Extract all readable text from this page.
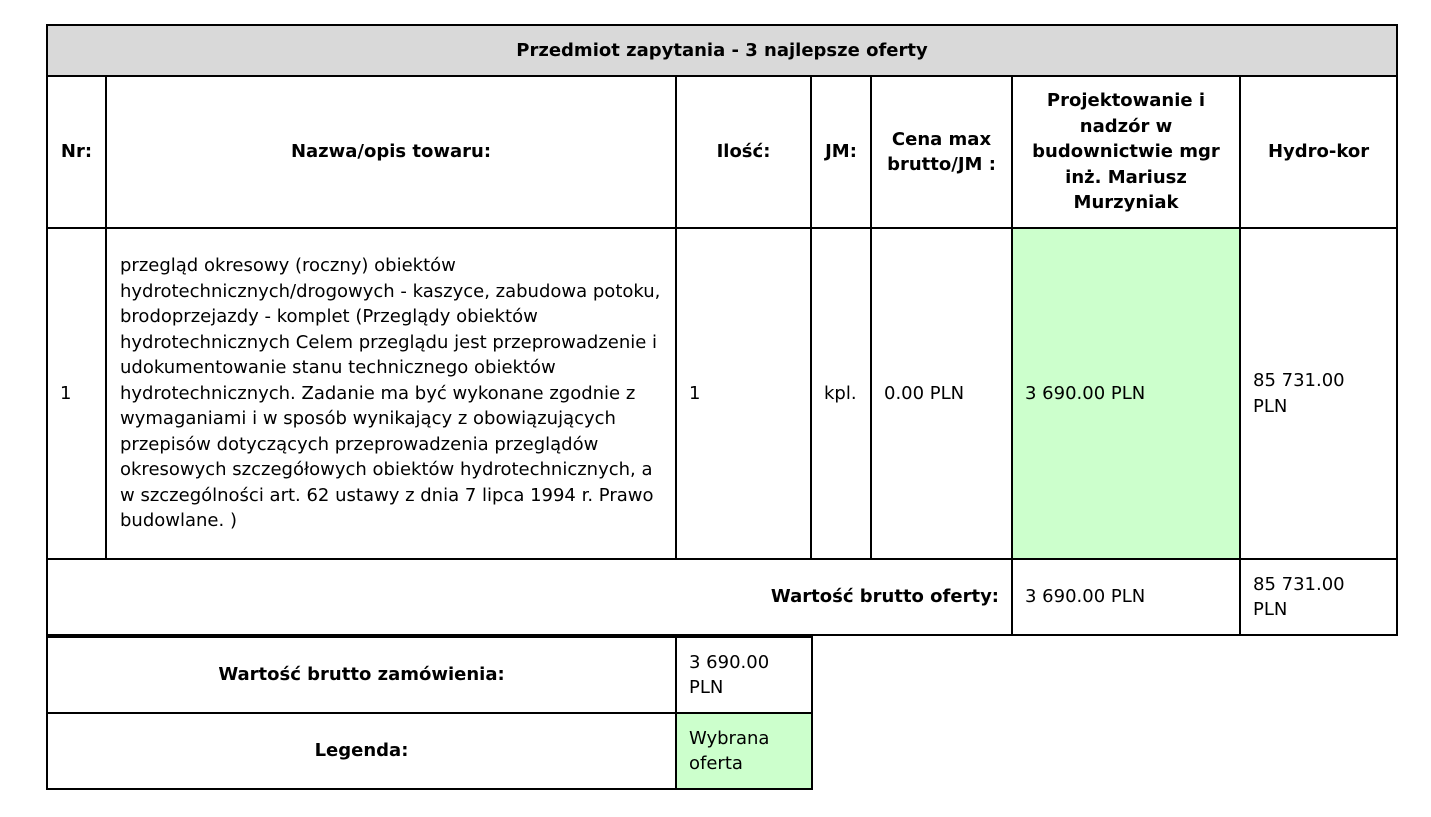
Przedmiot zapytania - 3 najlepsze oferty						
Nr:	Nazwa/opis towaru:	Ilość:	JM:	Cena max brutto/JM :	Projektowanie i nadzór w budownictwie mgr inż. Mariusz Murzyniak	Hydro-kor
1	przegląd okresowy (roczny) obiektów hydrotechnicznych/drogowych - kaszyce, zabudowa potoku, brodoprzejazdy - komplet (Przeglądy obiektów hydrotechnicznych Celem przeglądu jest przeprowadzenie i udokumentowanie stanu technicznego obiektów hydrotechnicznych. Zadanie ma być wykonane zgodnie z wymaganiami i w sposób wynikający z obowiązujących przepisów dotyczących przeprowadzenia przeglądów okresowych szczegółowych obiektów hydrotechnicznych, a w szczególności art. 62 ustawy z dnia 7 lipca 1994 r. Prawo budowlane. )	1	kpl.	0.00 PLN	3 690.00 PLN	85 731.00 PLN
Wartość brutto oferty:					3 690.00 PLN	85 731.00 PLN
Wartość brutto zamówienia:	3 690.00 PLN
Legenda:	Wybrana oferta
